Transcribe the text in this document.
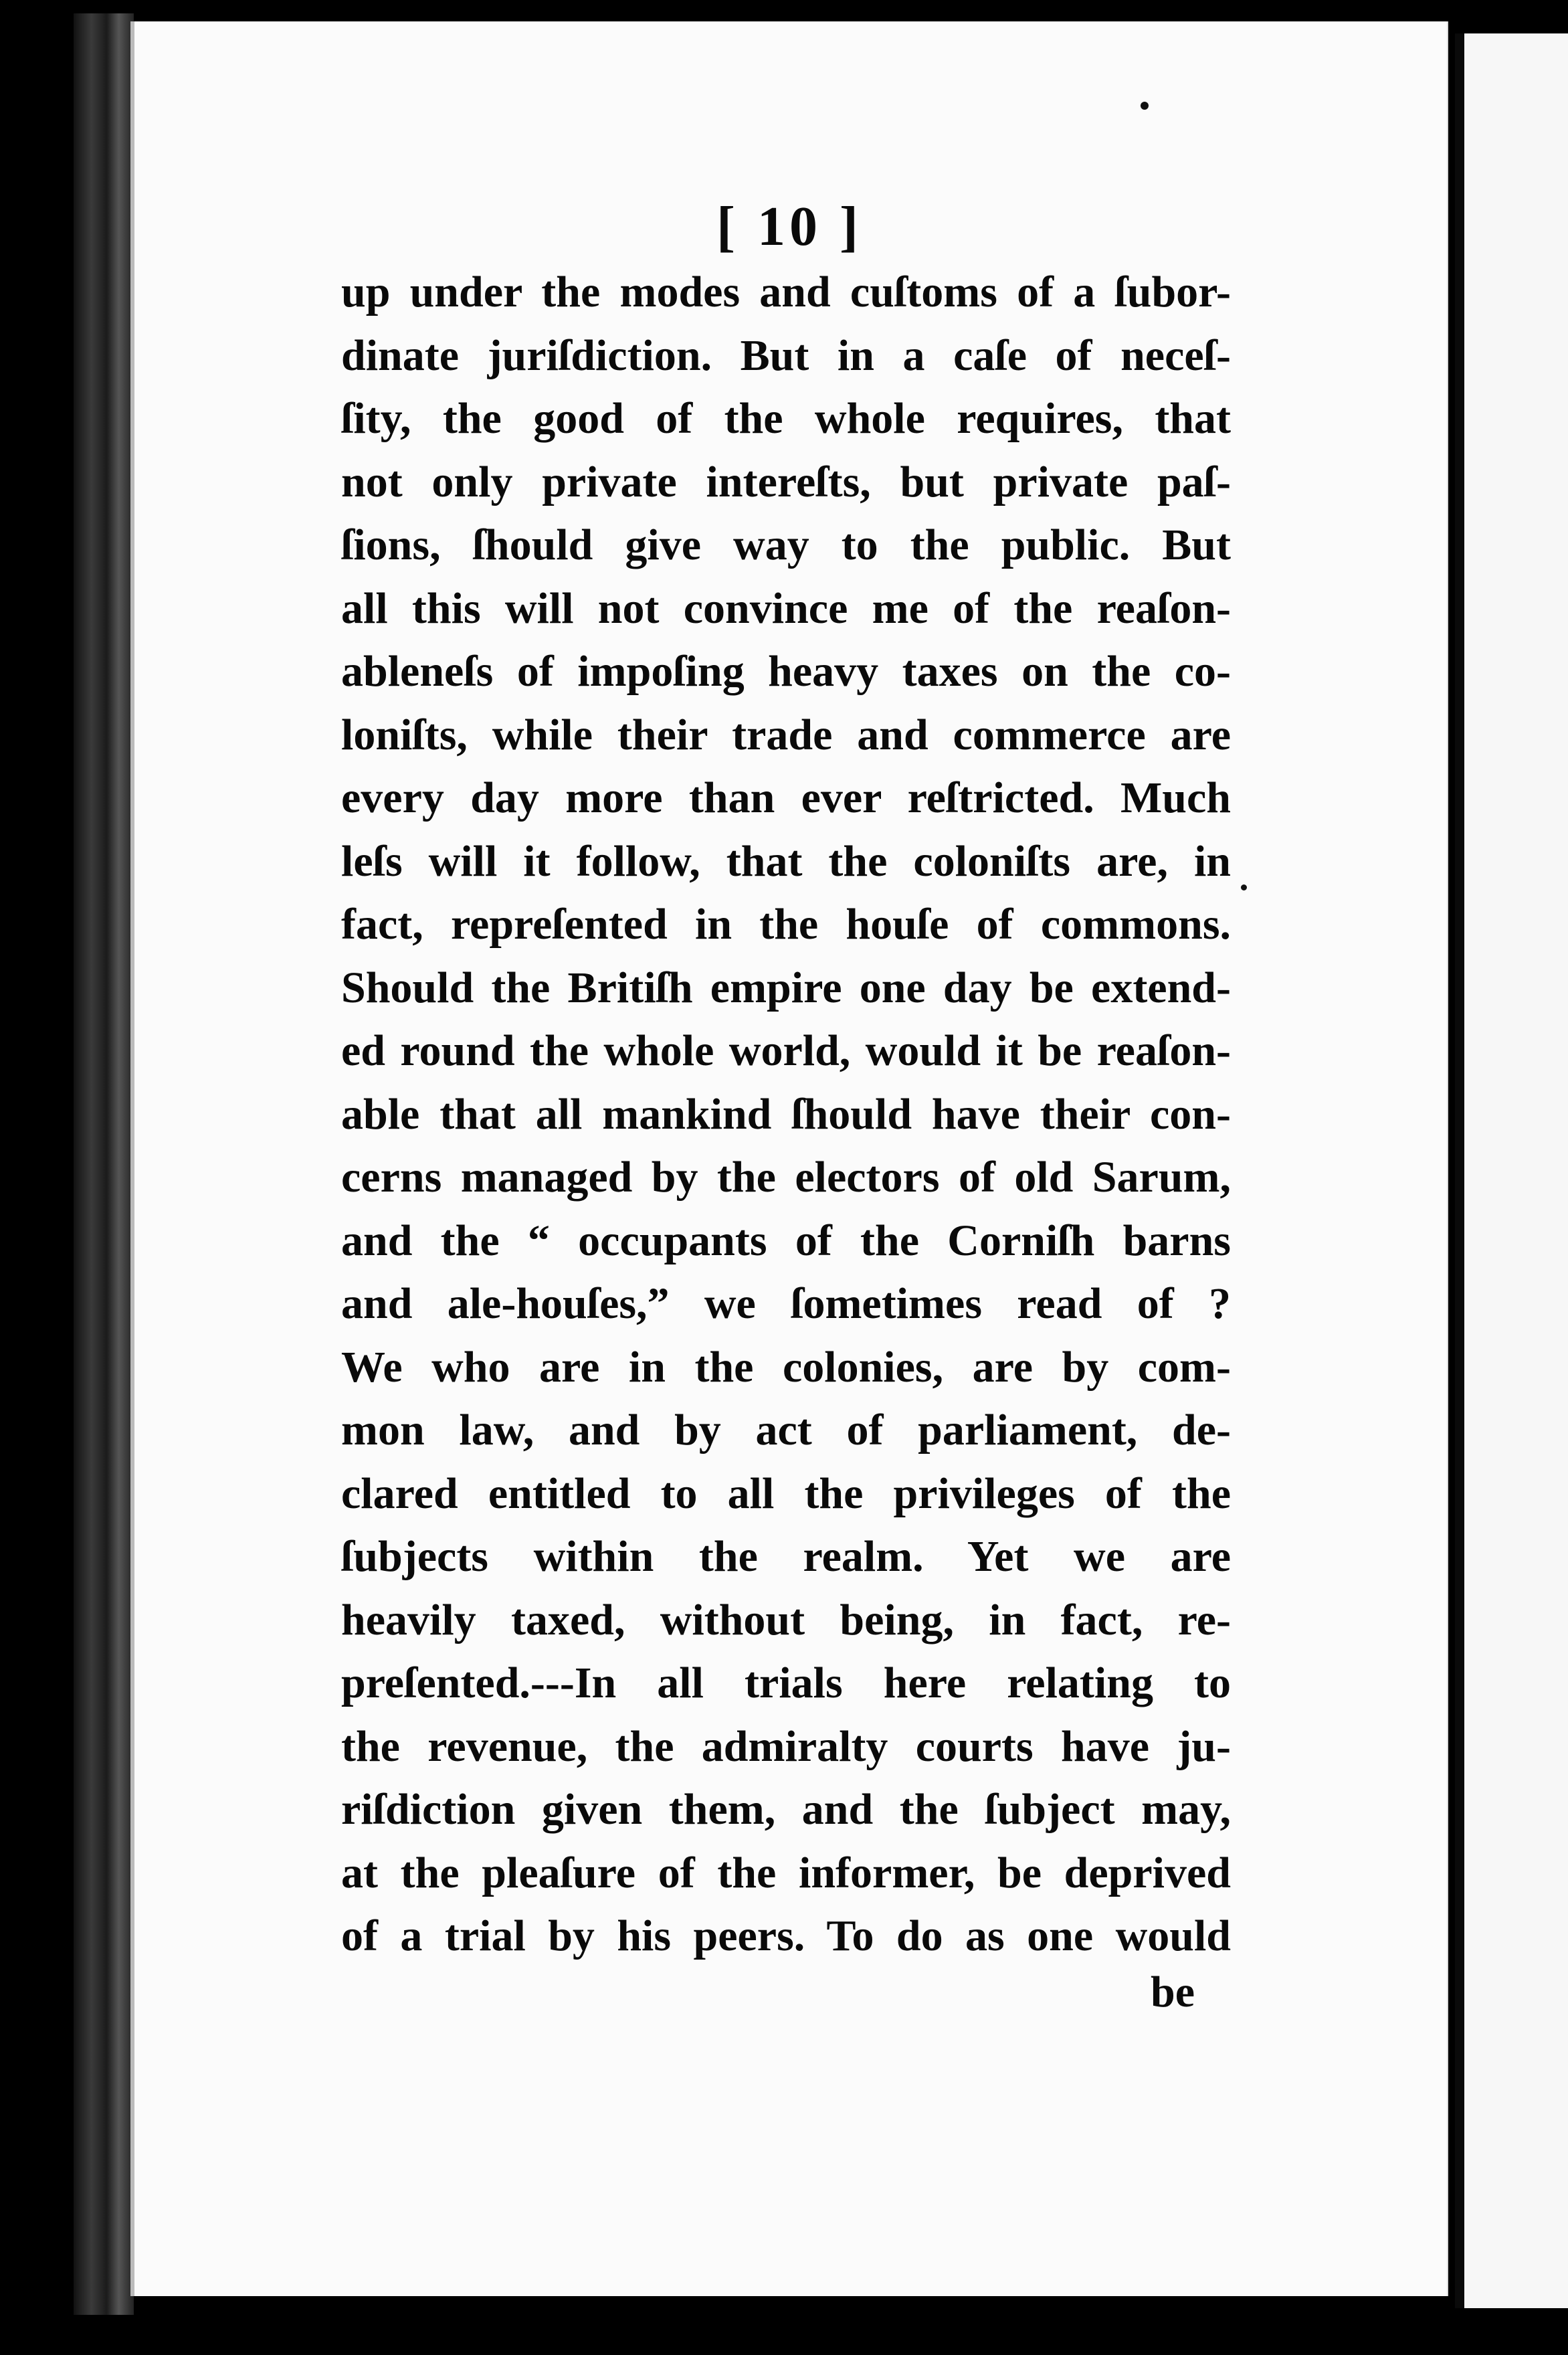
[ 10 ]
up under the modes and cuſtoms of a ſubor-
dinate juriſdiction. But in a caſe of neceſ-
ſity, the good of the whole requires, that
not only private intereſts, but private paſ-
ſions, ſhould give way to the public. But
all this will not convince me of the reaſon-
ableneſs of impoſing heavy taxes on the co-
loniſts, while their trade and commerce are
every day more than ever reſtricted. Much
leſs will it follow, that the coloniſts are, in
fact, repreſented in the houſe of commons.
Should the Britiſh empire one day be extend-
ed round the whole world, would it be reaſon-
able that all mankind ſhould have their con-
cerns managed by the electors of old Sarum,
and the “ occupants of the Corniſh barns
and ale-houſes,” we ſometimes read of ?
We who are in the colonies, are by com-
mon law, and by act of parliament, de-
clared entitled to all the privileges of the
ſubjects within the realm. Yet we are
heavily taxed, without being, in fact, re-
preſented.---In all trials here relating to
the revenue, the admiralty courts have ju-
riſdiction given them, and the ſubject may,
at the pleaſure of the informer, be deprived
of a trial by his peers. To do as one would
be
